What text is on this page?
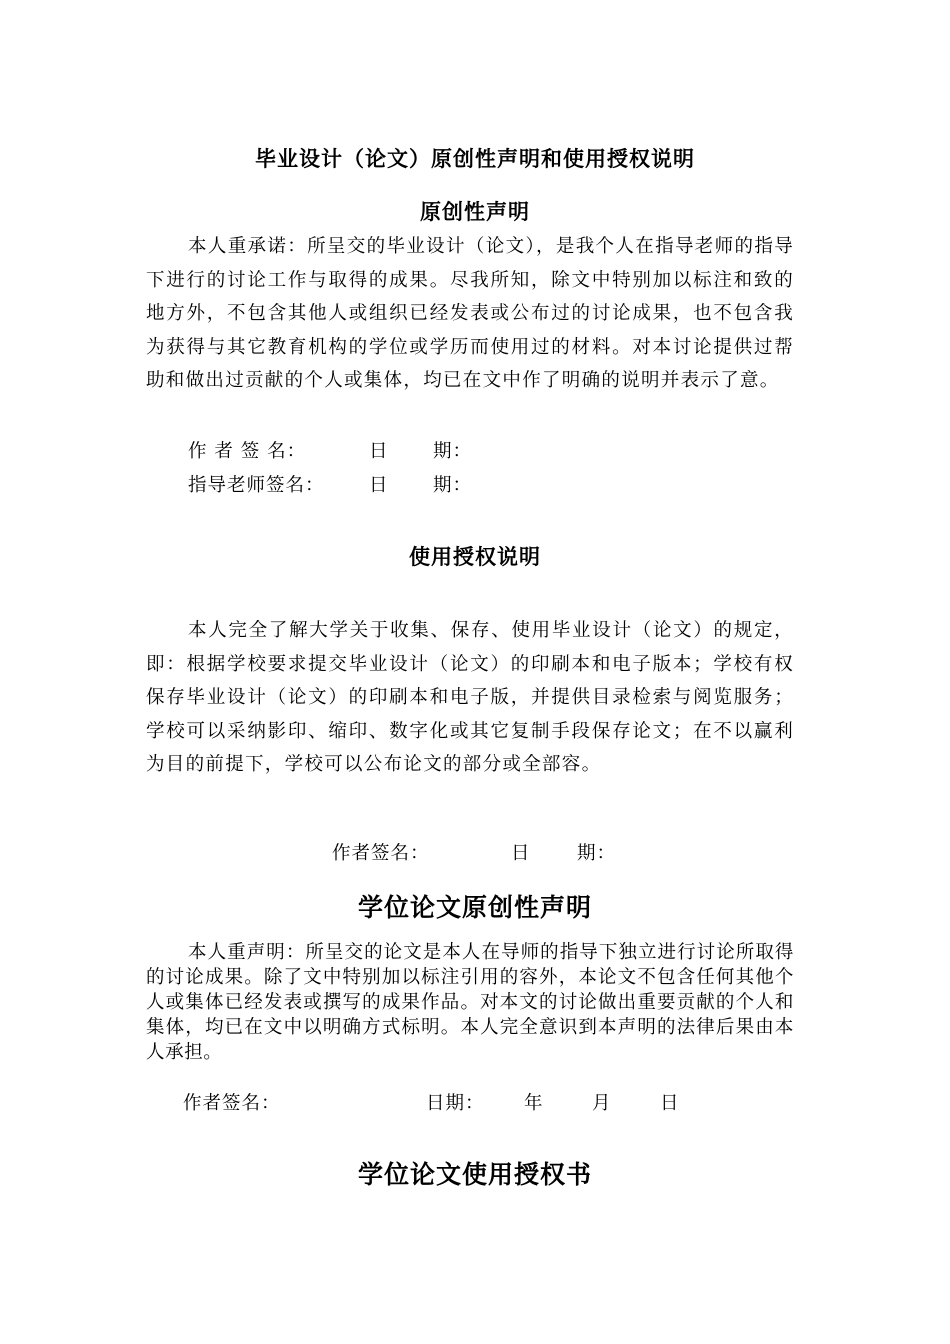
毕业设计（论文）原创性声明和使用授权说明
原创性声明
本人重承诺：所呈交的毕业设计（论文），是我个人在指导老师的指导下进行的讨论工作与取得的成果。尽我所知，除文中特别加以标注和致的地方外，不包含其他人或组织已经发表或公布过的讨论成果，也不包含我为获得与其它教育机构的学位或学历而使用过的材料。对本讨论提供过帮助和做出过贡献的个人或集体，均已在文中作了明确的说明并表示了意。
作 者 签 名：	日 期：
指导老师签名： 日 期：
使用授权说明
本人完全了解大学关于收集、保存、使用毕业设计（论文）的规定，即：根据学校要求提交毕业设计（论文）的印刷本和电子版本；学校有权保存毕业设计（论文）的印刷本和电子版，并提供目录检索与阅览服务；学校可以采纳影印、缩印、数字化或其它复制手段保存论文；在不以赢利为目的前提下，学校可以公布论文的部分或全部容。
作者签名：	日	期：
学位论文原创性声明
本人重声明：所呈交的论文是本人在导师的指导下独立进行讨论所取得的讨论成果。除了文中特别加以标注引用的容外，本论文不包含任何其他个人或集体已经发表或撰写的成果作品。对本文的讨论做出重要贡献的个人和集体，均已在文中以明确方式标明。本人完全意识到本声明的法律后果由本人承担。
作者签名：	日期： 年	月	日
学位论文使用授权书
